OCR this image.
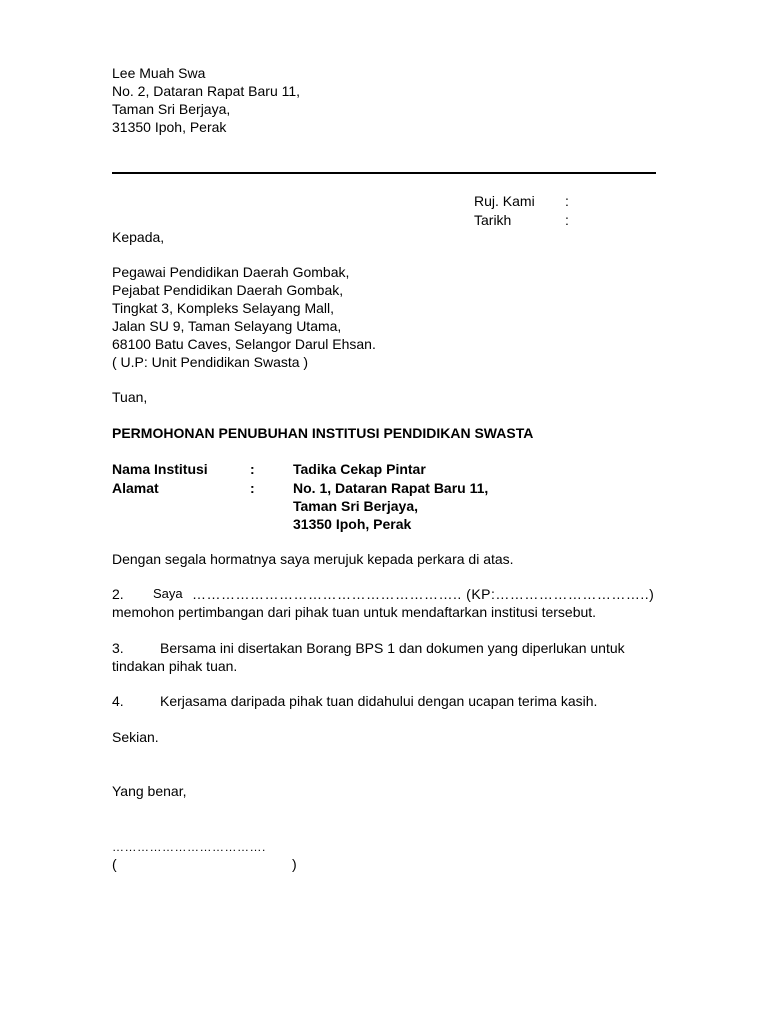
Lee Muah Swa
No. 2, Dataran Rapat Baru 11,
Taman Sri Berjaya,
31350 Ipoh, Perak
Ruj. Kami :
Tarikh	:
Kepada,
Pegawai Pendidikan Daerah Gombak,
Pejabat Pendidikan Daerah Gombak,
Tingkat 3, Kompleks Selayang Mall,
Jalan SU 9, Taman Selayang Utama,
68100 Batu Caves, Selangor Darul Ehsan.
( U.P: Unit Pendidikan Swasta )
Tuan,
PERMOHONAN PENUBUHAN INSTITUSI PENDIDIKAN SWASTA
Nama Institusi	:	Tadika Cekap Pintar
Alamat	:	No. 1, Dataran Rapat Baru 11,
Taman Sri Berjaya,
31350 Ipoh, Perak
Dengan segala hormatnya saya merujuk kepada perkara di atas.
2. Saya ……………………………………………….. (KP:…………………………..)
memohon pertimbangan dari pihak tuan untuk mendaftarkan institusi tersebut.
3.	Bersama ini disertakan Borang BPS 1 dan dokumen yang diperlukan untuk
tindakan pihak tuan.
4.	Kerjasama daripada pihak tuan didahului dengan ucapan terima kasih.
Sekian.
Yang benar,
……………………………….
(	)
